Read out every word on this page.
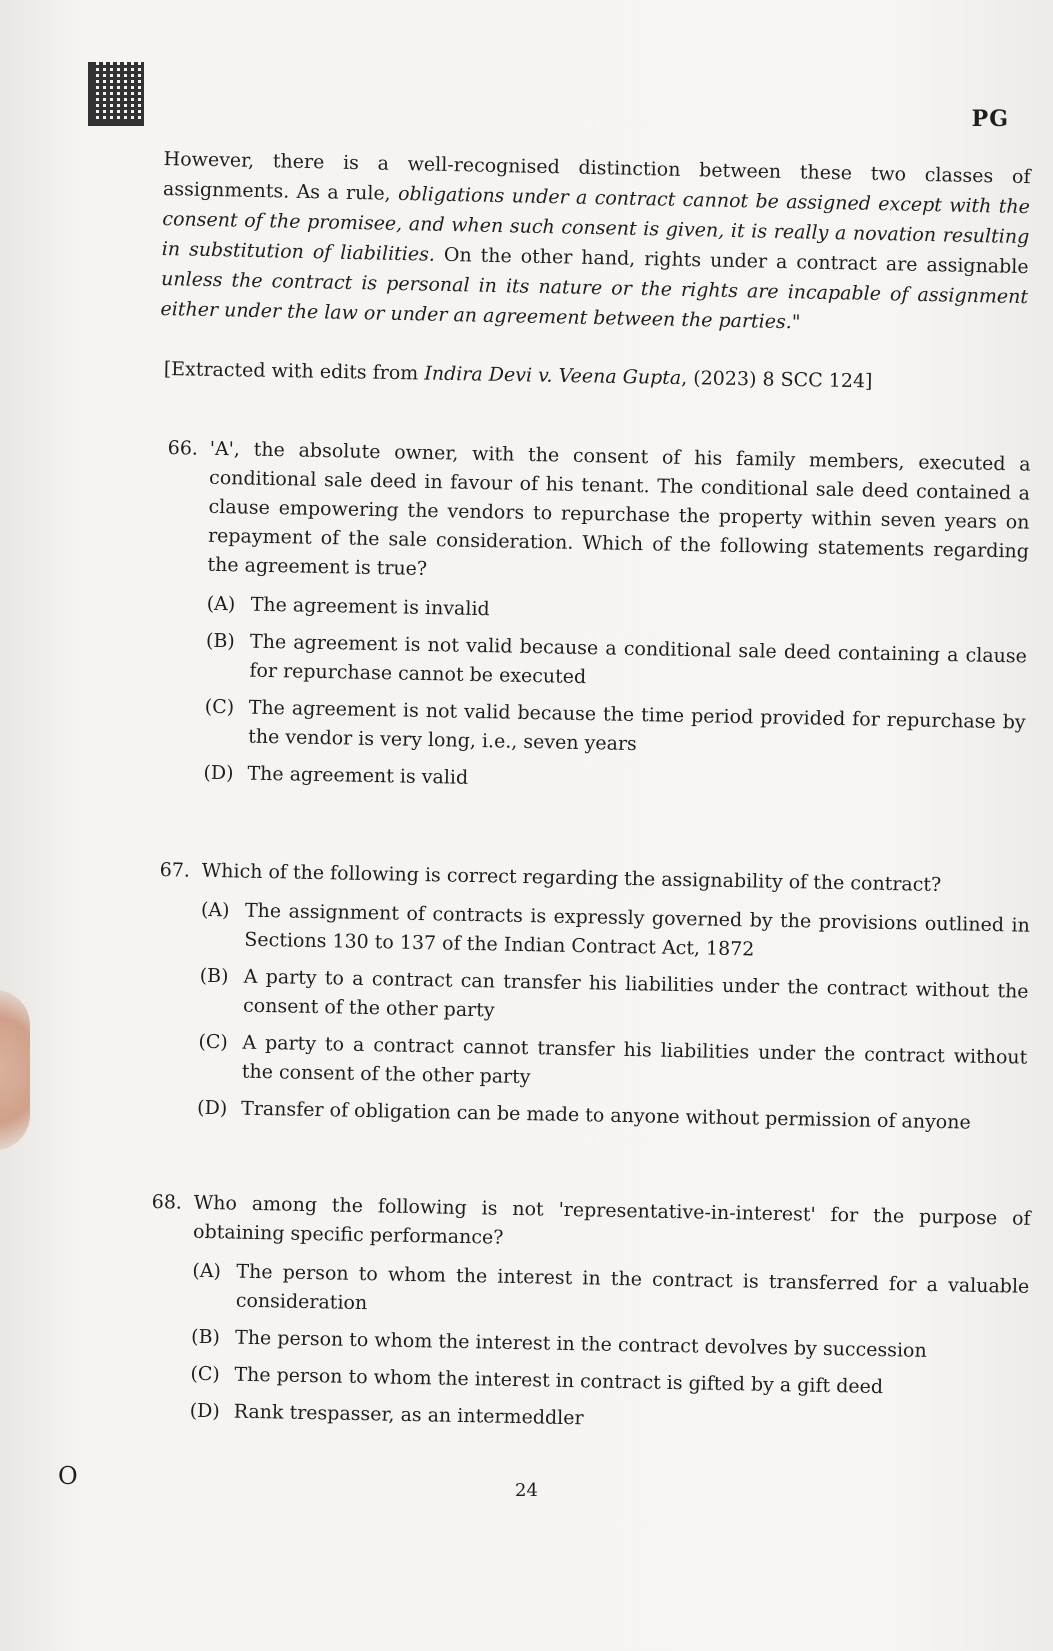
PG
However, there is a well-recognised distinction between these two classes of assignments. As a rule, obligations under a contract cannot be assigned except with the consent of the promisee, and when such consent is given, it is really a novation resulting in substitution of liabilities. On the other hand, rights under a contract are assignable unless the contract is personal in its nature or the rights are incapable of assignment either under the law or under an agreement between the parties."
[Extracted with edits from Indira Devi v. Veena Gupta, (2023) 8 SCC 124]
66. 'A', the absolute owner, with the consent of his family members, executed a conditional sale deed in favour of his tenant. The conditional sale deed contained a clause empowering the vendors to repurchase the property within seven years on repayment of the sale consideration. Which of the following statements regarding the agreement is true?
(A) The agreement is invalid
(B) The agreement is not valid because a conditional sale deed containing a clause for repurchase cannot be executed
(C) The agreement is not valid because the time period provided for repurchase by the vendor is very long, i.e., seven years
(D) The agreement is valid
67. Which of the following is correct regarding the assignability of the contract?
(A) The assignment of contracts is expressly governed by the provisions outlined in Sections 130 to 137 of the Indian Contract Act, 1872
(B) A party to a contract can transfer his liabilities under the contract without the consent of the other party
(C) A party to a contract cannot transfer his liabilities under the contract without the consent of the other party
(D) Transfer of obligation can be made to anyone without permission of anyone
68. Who among the following is not 'representative-in-interest' for the purpose of obtaining specific performance?
(A) The person to whom the interest in the contract is transferred for a valuable consideration
(B) The person to whom the interest in the contract devolves by succession
(C) The person to whom the interest in contract is gifted by a gift deed
(D) Rank trespasser, as an intermeddler
O
24
